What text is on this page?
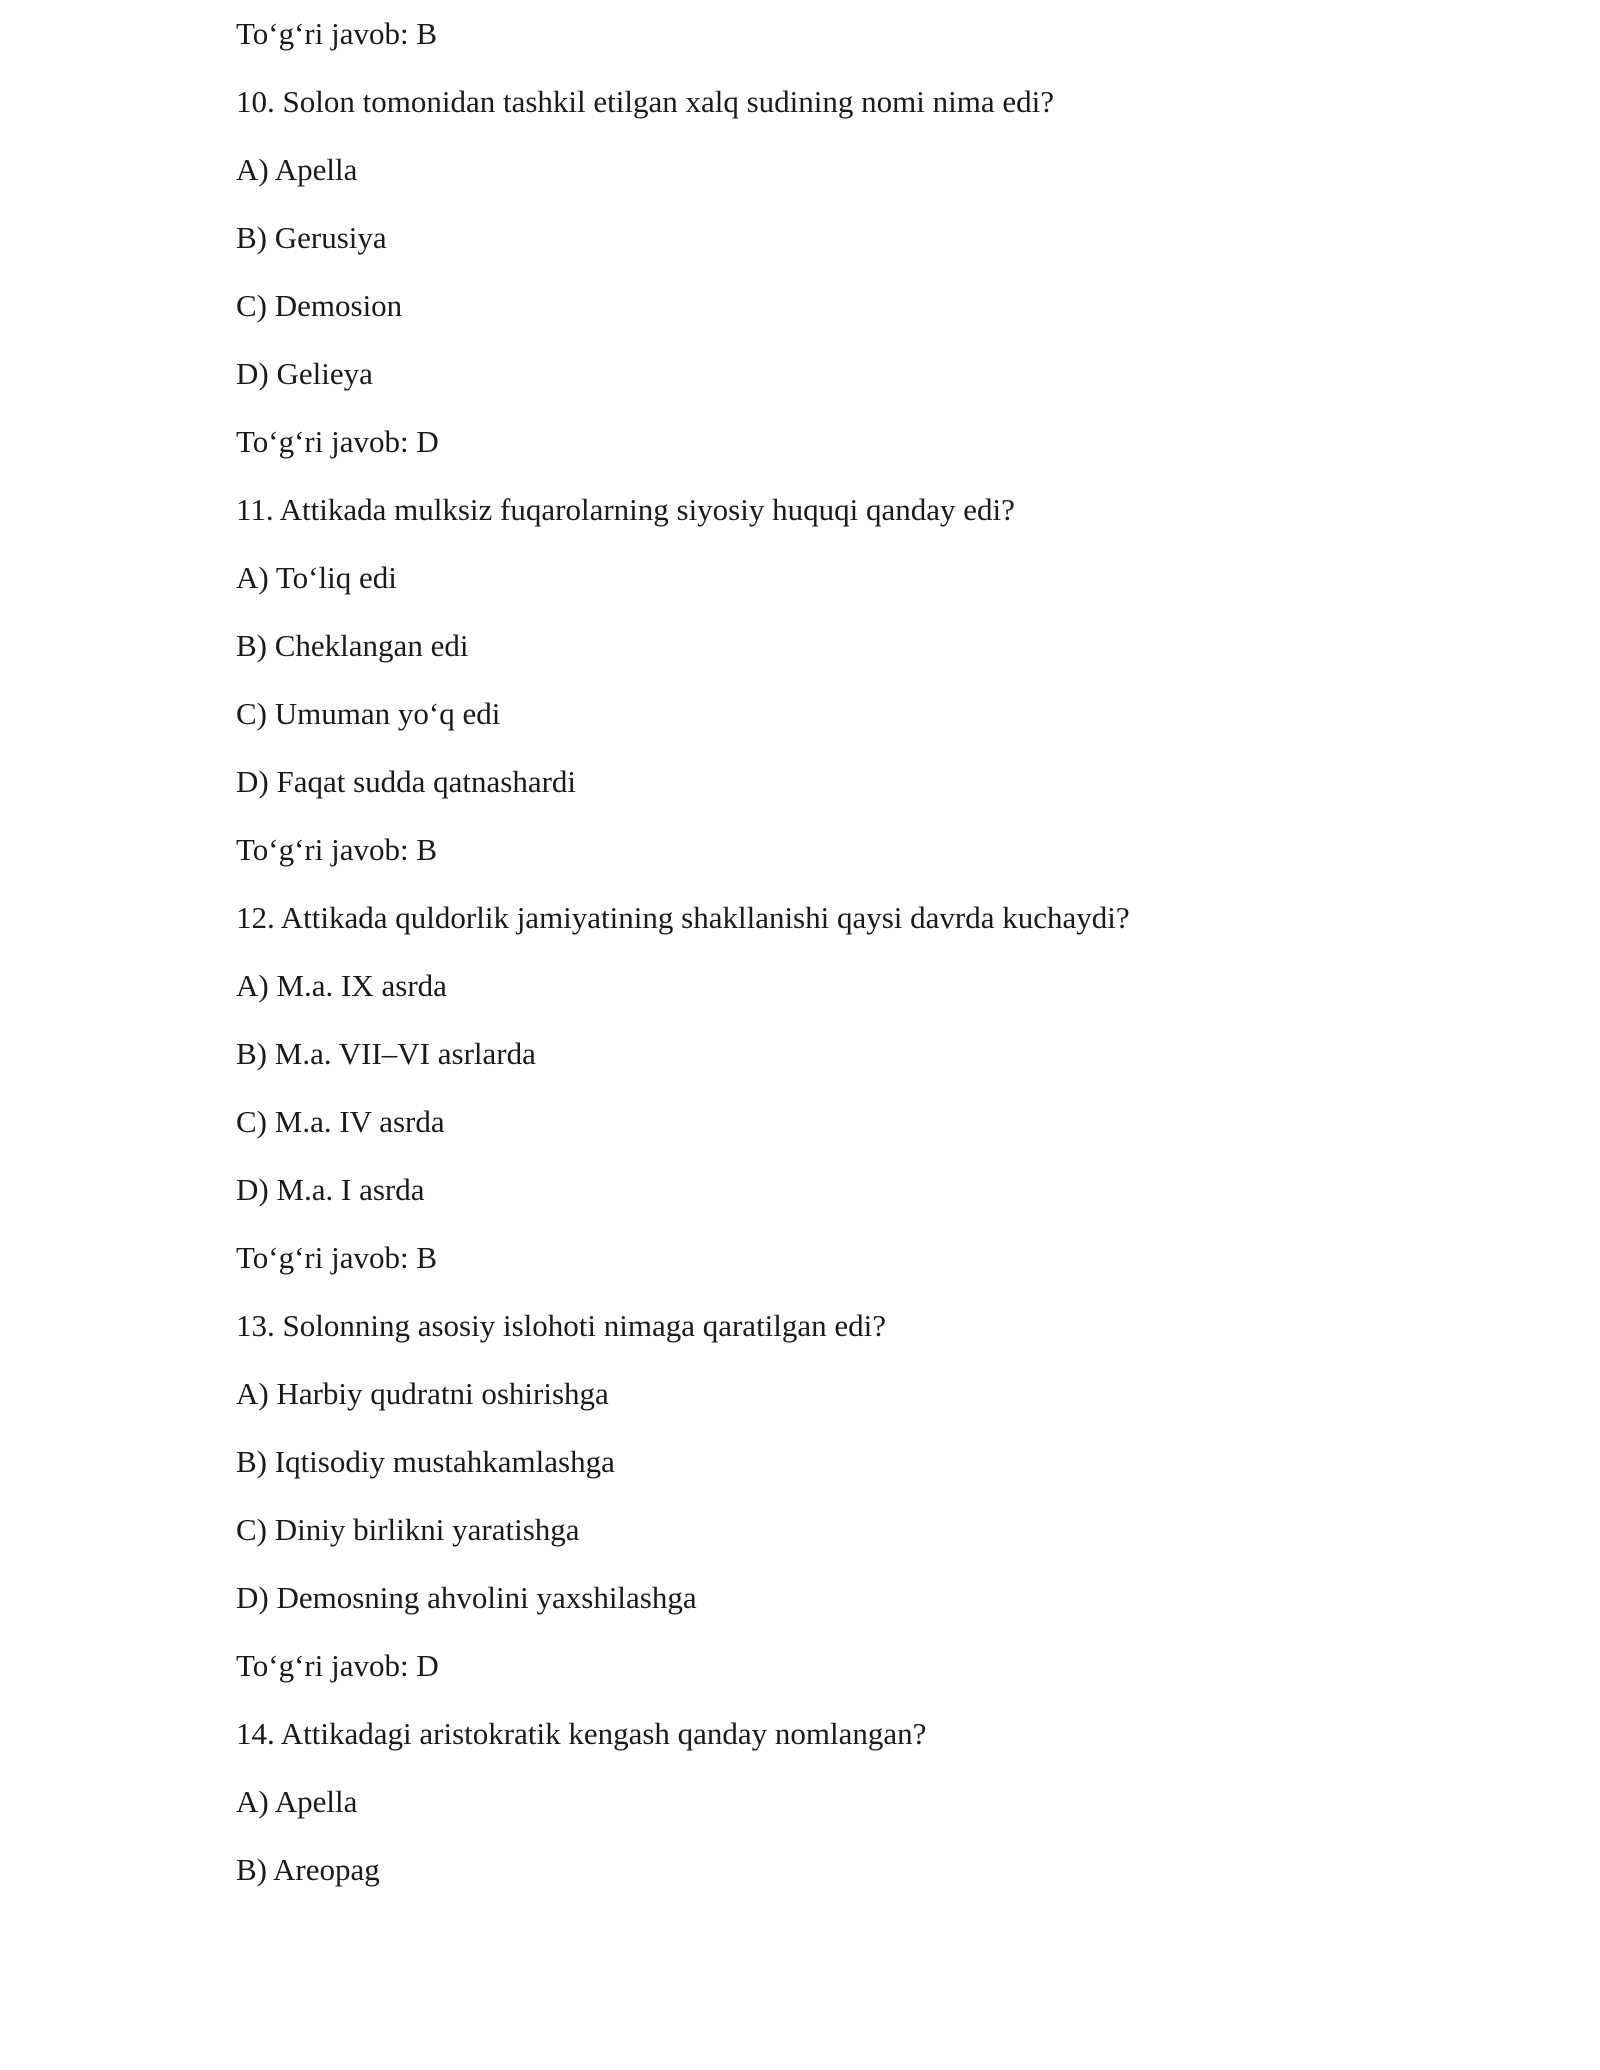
To‘g‘ri javob: B
10. Solon tomonidan tashkil etilgan xalq sudining nomi nima edi?
A) Apella
B) Gerusiya
C) Demosion
D) Gelieya
To‘g‘ri javob: D
11. Attikada mulksiz fuqarolarning siyosiy huquqi qanday edi?
A) To‘liq edi
B) Cheklangan edi
C) Umuman yo‘q edi
D) Faqat sudda qatnashardi
To‘g‘ri javob: B
12. Attikada quldorlik jamiyatining shakllanishi qaysi davrda kuchaydi?
A) M.a. IX asrda
B) M.a. VII–VI asrlarda
C) M.a. IV asrda
D) M.a. I asrda
To‘g‘ri javob: B
13. Solonning asosiy islohoti nimaga qaratilgan edi?
A) Harbiy qudratni oshirishga
B) Iqtisodiy mustahkamlashga
C) Diniy birlikni yaratishga
D) Demosning ahvolini yaxshilashga
To‘g‘ri javob: D
14. Attikadagi aristokratik kengash qanday nomlangan?
A) Apella
B) Areopag
